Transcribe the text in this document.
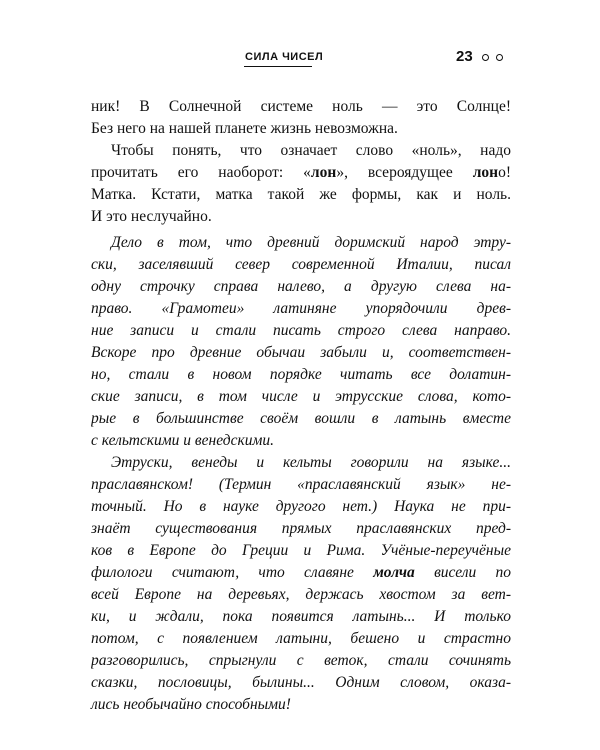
СИЛА ЧИСЕЛ	23
ник! В Солнечной системе ноль — это Солнце!
Без него на нашей планете жизнь невозможна.
Чтобы понять, что означает слово «ноль», надо
прочитать его наоборот: «лон», всероядущее лоно!
Матка. Кстати, матка такой же формы, как и ноль.
И это неслучайно.
Дело в том, что древний доримский народ этру-
ски, заселявший север современной Италии, писал
одну строчку справа налево, а другую слева на-
право. «Грамотеи» латиняне упорядочили древ-
ние записи и стали писать строго слева направо.
Вскоре про древние обычаи забыли и, соответствен-
но, стали в новом порядке читать все долатин-
ские записи, в том числе и этрусские слова, кото-
рые в большинстве своём вошли в латынь вместе
с кельтскими и венедскими.
Этруски, венеды и кельты говорили на языке...
праславянском! (Термин «праславянский язык» не-
точный. Но в науке другого нет.) Наука не при-
знаёт существования прямых праславянских пред-
ков в Европе до Греции и Рима. Учёные-переучёные
филологи считают, что славяне молча висели по
всей Европе на деревьях, держась хвостом за вет-
ки, и ждали, пока появится латынь... И только
потом, с появлением латыни, бешено и страстно
разговорились, спрыгнули с веток, стали сочинять
сказки, пословицы, былины... Одним словом, оказа-
лись необычайно способными!
